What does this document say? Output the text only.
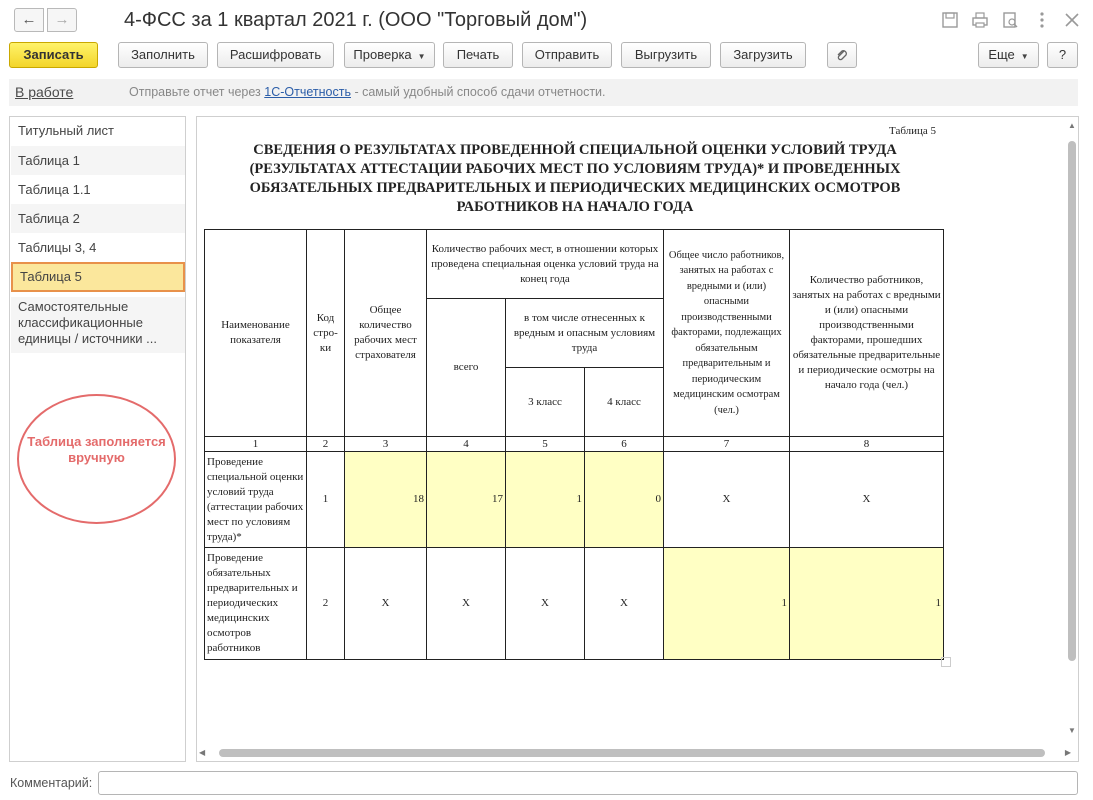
←	→	4-ФСС за 1 квартал 2021 г. (ООО "Торговый дом")
Записать	Заполнить	Расшифровать	Проверка ▼	Печать	Отправить	Выгрузить	Загрузить	Еще ▼	?
В работе	Отправьте отчет через 1С-Отчетность - самый удобный способ сдачи отчетности.
Титульный лист
Таблица 1
Таблица 1.1
Таблица 2
Таблицы 3, 4
Таблица 5
Самостоятельные классификационные единицы / источники ...
Таблица заполняется вручную
Таблица 5
СВЕДЕНИЯ О РЕЗУЛЬТАТАХ ПРОВЕДЕННОЙ СПЕЦИАЛЬНОЙ ОЦЕНКИ УСЛОВИЙ ТРУДА (РЕЗУЛЬТАТАХ АТТЕСТАЦИИ РАБОЧИХ МЕСТ ПО УСЛОВИЯМ ТРУДА)* И ПРОВЕДЕННЫХ ОБЯЗАТЕЛЬНЫХ ПРЕДВАРИТЕЛЬНЫХ И ПЕРИОДИЧЕСКИХ МЕДИЦИНСКИХ ОСМОТРОВ РАБОТНИКОВ НА НАЧАЛО ГОДА
Наименование показателя	Код стро-ки	Общее количество рабочих мест страхователя	Количество рабочих мест, в отношении которых проведена специальная оценка условий труда на конец года			Общее число работников, занятых на работах с вредными и (или) опасными производственными факторами, подлежащих обязательным предварительным и периодическим медицинским осмотрам (чел.)	Количество работников, занятых на работах с вредными и (или) опасными производственными факторами, прошедших обязательные предварительные и периодические осмотры на начало года (чел.)
			всего	в том числе отнесенных к вредным и опасным условиям труда			
				3 класс	4 класс		
1	2	3	4	5	6	7	8
Проведение специальной оценки условий труда (аттестации рабочих мест по условиям труда)*	1	18	17	1	0	X	X
Проведение обязательных предварительных и периодических медицинских осмотров работников	2	X	X	X	X	1	1
▲
▼
◀	▶
Комментарий:
